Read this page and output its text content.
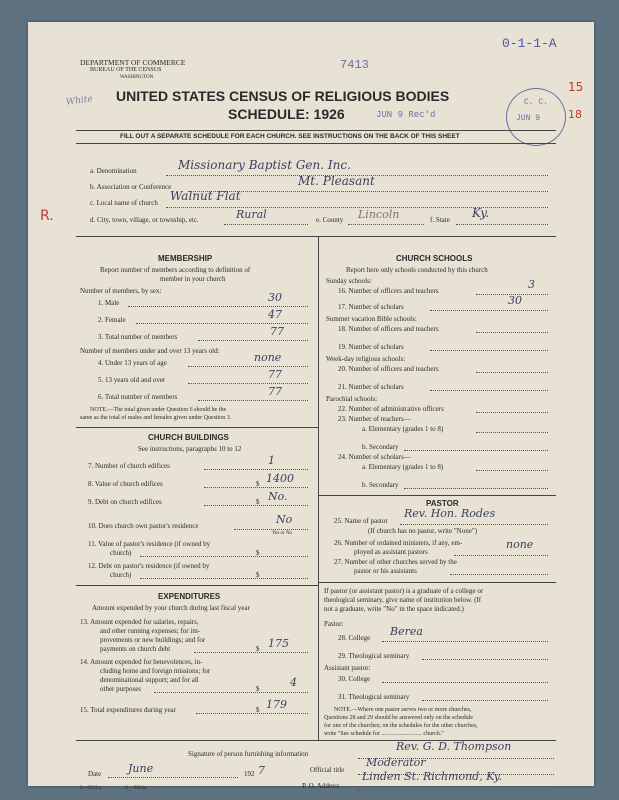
DEPARTMENT OF COMMERCE
BUREAU OF THE CENSUS
WASHINGTON
White
7413
0-1-1-A
UNITED STATES CENSUS OF RELIGIOUS BODIES
SCHEDULE: 1926	JUN 9 Rec'd
C. C.
JUN 9
15
18
FILL OUT A SEPARATE SCHEDULE FOR EACH CHURCH. SEE INSTRUCTIONS ON THE BACK OF THIS SHEET
a. Denomination	Missionary Baptist Gen. Inc.
b. Association or Conference	Mt. Pleasant
c. Local name of church Walnut Flat
R.	d. City, town, village, or township, etc.	Rural	e. County Lincoln	f. State Ky.
MEMBERSHIP
Report number of members according to definition of
member in your church
Number of members, by sex:
1. Male	30
2. Female	47
3. Total number of members	77
Number of members under and over 13 years old:
4. Under 13 years of age	none
5. 13 years old and over	77
6. Total number of members	77
NOTE.—The total given under Question 6 should be the
same as the total of males and females given under Question 3.
CHURCH BUILDINGS
See instructions, paragraphs 10 to 12
7. Number of church edifices	1
8. Value of church edifices	$ 1400
9. Debt on church edifices	$ No.
10. Does church own pastor's residence	No
Yes or No
11. Value of pastor's residence (if owned by
church)	$
12. Debt on pastor's residence (if owned by
church)	$
EXPENDITURES
Amount expended by your church during last fiscal year
13. Amount expended for salaries, repairs,
and other running expenses; for im-
provements or new buildings; and for
payments on church debt	$ 175
14. Amount expended for benevolences, in-
cluding home and foreign missions; for
denominational support; and for all
other purposes	$	4
15. Total expenditures during year	$ 179
CHURCH SCHOOLS
Report here only schools conducted by this church
Sunday schools:
16. Number of officers and teachers	3
17. Number of scholars	30
Summer vacation Bible schools:
18. Number of officers and teachers
19. Number of scholars
Week-day religious schools:
20. Number of officers and teachers
21. Number of scholars
Parochial schools:
22. Number of administrative officers
23. Number of teachers—
a. Elementary (grades 1 to 8)
b. Secondary
24. Number of scholars—
a. Elementary (grades 1 to 8)
b. Secondary
PASTOR
25. Name of pastor
Rev. Hon. Rodes
(If church has no pastor, write "None")
26. Number of ordained ministers, if any, em-
ployed as assistant pastors
none
27. Number of other churches served by the
pastor or his assistants
If pastor (or assistant pastor) is a graduate of a college or
theological seminary, give name of institution below. (If
not a graduate, write "No" in the space indicated.)
Pastor:
28. College Berea
29. Theological seminary
Assistant pastor:
30. College
31. Theological seminary
NOTE.—Where one pastor serves two or more churches,
Questions 28 and 29 should be answered only on the schedule
for one of the churches; on the schedules for the other churches,
write "See schedule for ........................... church."
Signature of person furnishing information
Rev. G. D. Thompson
Official title
Moderator
Date June	192 7
P. O. Address
Linden St. Richmond, Ky.
9—5818 a	11—9904a
